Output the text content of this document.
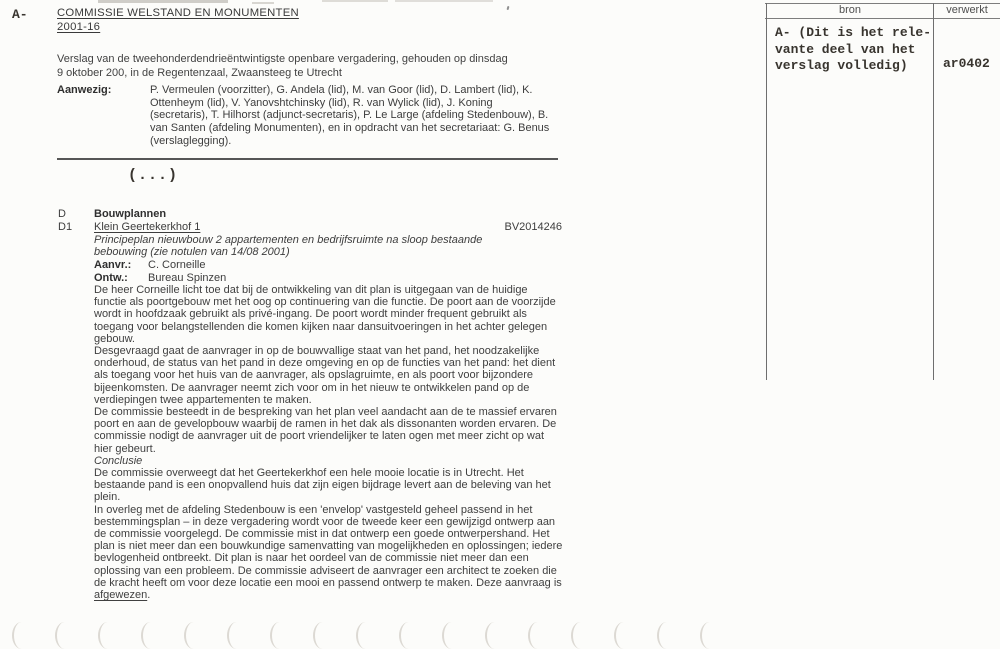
A-	COMMISSIE WELSTAND EN MONUMENTEN
2001-16
Verslag van de tweehonderdendrieëntwintigste openbare vergadering, gehouden op dinsdag
9 oktober 200, in de Regentenzaal, Zwaansteeg te Utrecht
Aanwezig:	P. Vermeulen (voorzitter), G. Andela (lid), M. van Goor (lid), D. Lambert (lid), K. Ottenheym (lid), V. Yanovshtchinsky (lid), R. van Wylick (lid), J. Koning (secretaris), T. Hilhorst (adjunct-secretaris), P. Le Large (afdeling Stedenbouw), B. van Santen (afdeling Monumenten), en in opdracht van het secretariaat: G. Benus (verslaglegging).
(...)
D	Bouwplannen
D1	Klein Geertekerkhof 1	BV2014246
Principeplan nieuwbouw 2 appartementen en bedrijfsruimte na sloop bestaande bebouwing (zie notulen van 14/08 2001)
Aanvr.:	C. Corneille
Ontw.:	Bureau Spinzen

De heer Corneille licht toe dat bij de ontwikkeling van dit plan is uitgegaan van de huidige functie als poortgebouw met het oog op continuering van die functie. De poort aan de voorzijde wordt in hoofdzaak gebruikt als privé-ingang. De poort wordt minder frequent gebruikt als toegang voor belangstellenden die komen kijken naar dansuitvoeringen in het achter gelegen gebouw.

Desgevraagd gaat de aanvrager in op de bouwvallige staat van het pand, het noodzakelijke onderhoud, de status van het pand in deze omgeving en op de functies van het pand: het dient als toegang voor het huis van de aanvrager, als opslagruimte, en als poort voor bijzondere bijeenkomsten. De aanvrager neemt zich voor om in het nieuw te ontwikkelen pand op de verdiepingen twee appartementen te maken.

De commissie besteedt in de bespreking van het plan veel aandacht aan de te massief ervaren poort en aan de gevelopbouw waarbij de ramen in het dak als dissonanten worden ervaren. De commissie nodigt de aanvrager uit de poort vriendelijker te laten ogen met meer zicht op wat hier gebeurt.

Conclusie

De commissie overweegt dat het Geertekerkhof een hele mooie locatie is in Utrecht. Het bestaande pand is een onopvallend huis dat zijn eigen bijdrage levert aan de beleving van het plein.

In overleg met de afdeling Stedenbouw is een 'envelop' vastgesteld geheel passend in het bestemmingsplan – in deze vergadering wordt voor de tweede keer een gewijzigd ontwerp aan de commissie voorgelegd. De commissie mist in dat ontwerp een goede ontwerpershand. Het plan is niet meer dan een bouwkundige samenvatting van mogelijkheden en oplossingen; iedere bevlogenheid ontbreekt. Dit plan is naar het oordeel van de commissie niet meer dan een oplossing van een probleem. De commissie adviseert de aanvrager een architect te zoeken die de kracht heeft om voor deze locatie een mooi en passend ontwerp te maken. Deze aanvraag is afgewezen.

bron	verwerkt
A- (Dit is het rele-
vante deel van het
verslag volledig)	ar0402
